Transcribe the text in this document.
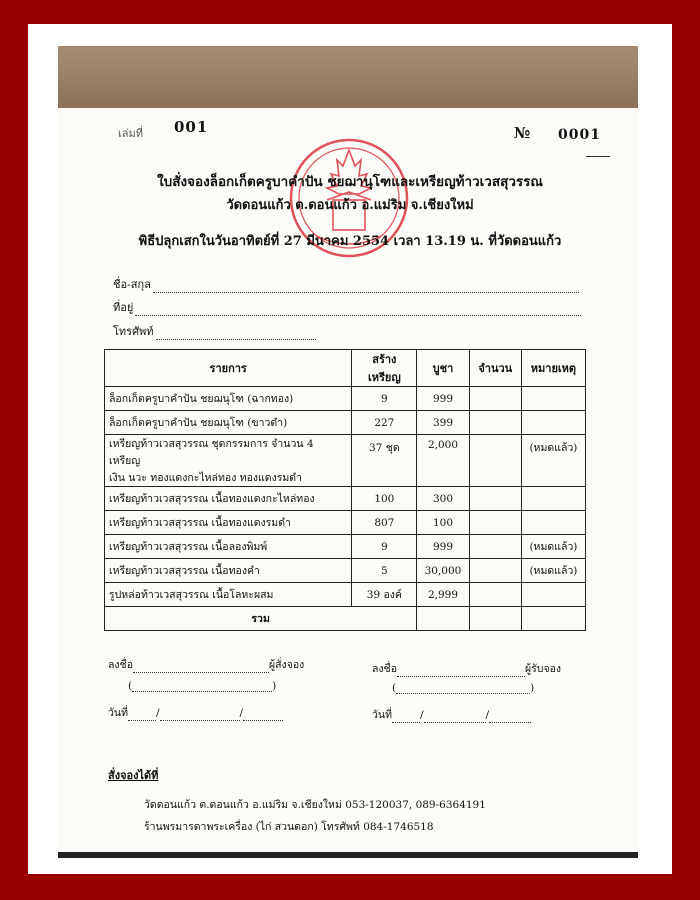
เล่มที่ 001	№ 0001
ใบสั่งจองล็อกเก็ตครูบาคำปัน ชยฌานุโฑและเหรียญท้าวเวสสุวรรณ
วัดดอนแก้ว ต.ดอนแก้ว อ.แม่ริม จ.เชียงใหม่
พิธีปลุกเสกในวันอาทิตย์ที่ 27 มีนาคม 2554 เวลา 13.19 น. ที่วัดดอนแก้ว
ชื่อ-สกุล
ที่อยู่
โทรศัพท์
รายการ	สร้างเหรียญ	บูชา	จำนวน	หมายเหตุ
ล็อกเก็ตครูบาคำปัน ชยฌนุโฑ (ฉากทอง)	9	999		
ล็อกเก็ตครูบาคำปัน ชยฌนุโฑ (ขาวดำ)	227	399		

เหรียญท้าวเวสสุวรรณ ชุดกรรมการ จำนวน 4 เหรียญ
เงิน นวะ ทองแดงกะไหล่ทอง ทองแดงรมดำ	37 ชุด	2,000		(หมดแล้ว)
เหรียญท้าวเวสสุวรรณ เนื้อทองแดงกะไหล่ทอง	100	300		
เหรียญท้าวเวสสุวรรณ เนื้อทองแดงรมดำ	807	100		
เหรียญท้าวเวสสุวรรณ เนื้อลองพิมพ์	9	999		(หมดแล้ว)
เหรียญท้าวเวสสุวรรณ เนื้อทองคำ	5	30,000		(หมดแล้ว)
รูปหล่อท้าวเวสสุวรรณ เนื้อโลหะผสม	39 องค์	2,999		
รวม				
ลงชื่อ	ผู้สั่งจอง
(	)
วันที่	/	/
ลงชื่อ	ผู้รับจอง
(	)
วันที่	/	/
สั่งจองได้ที่
วัดดอนแก้ว ต.ดอนแก้ว อ.แม่ริม จ.เชียงใหม่ 053-120037, 089-6364191
ร้านพรมารดาพระเครื่อง (ไก่ สวนดอก) โทรศัพท์ 084-1746518
